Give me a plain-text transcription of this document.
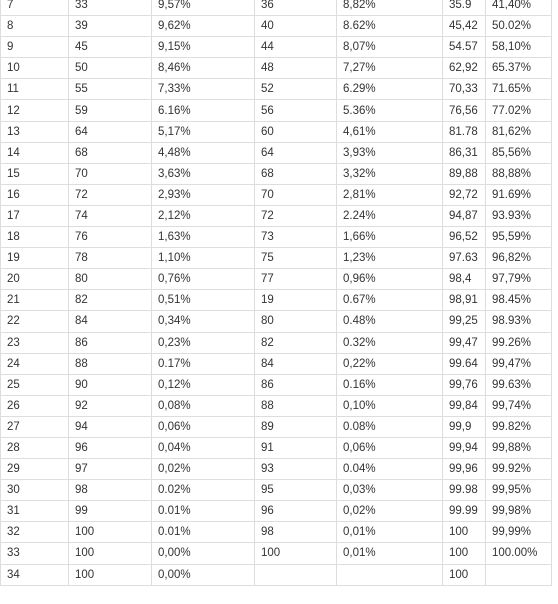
7	33	9,57%	36	8,82%	35.9	41,40%
8	39	9,62%	40	8.62%	45,42	50.02%
9	45	9,15%	44	8,07%	54.57	58,10%
10	50	8,46%	48	7,27%	62,92	65.37%
11	55	7,33%	52	6.29%	70,33	71.65%
12	59	6.16%	56	5.36%	76,56	77.02%
13	64	5,17%	60	4,61%	81.78	81,62%
14	68	4,48%	64	3,93%	86,31	85,56%
15	70	3,63%	68	3,32%	89,88	88,88%
16	72	2,93%	70	2,81%	92,72	91.69%
17	74	2,12%	72	2.24%	94,87	93.93%
18	76	1,63%	73	1,66%	96,52	95,59%
19	78	1,10%	75	1,23%	97.63	96,82%
20	80	0,76%	77	0,96%	98,4	97,79%
21	82	0,51%	19	0.67%	98,91	98.45%
22	84	0,34%	80	0.48%	99,25	98.93%
23	86	0,23%	82	0.32%	99,47	99.26%
24	88	0.17%	84	0,22%	99.64	99,47%
25	90	0,12%	86	0.16%	99,76	99.63%
26	92	0,08%	88	0,10%	99,84	99,74%
27	94	0,06%	89	0.08%	99,9	99.82%
28	96	0,04%	91	0,06%	99,94	99,88%
29	97	0,02%	93	0.04%	99,96	99.92%
30	98	0.02%	95	0,03%	99.98	99,95%
31	99	0.01%	96	0,02%	99.99	99,98%
32	100	0.01%	98	0,01%	100	99,99%
33	100	0,00%	100	0,01%	100	100.00%
34	100	0,00%			100	
